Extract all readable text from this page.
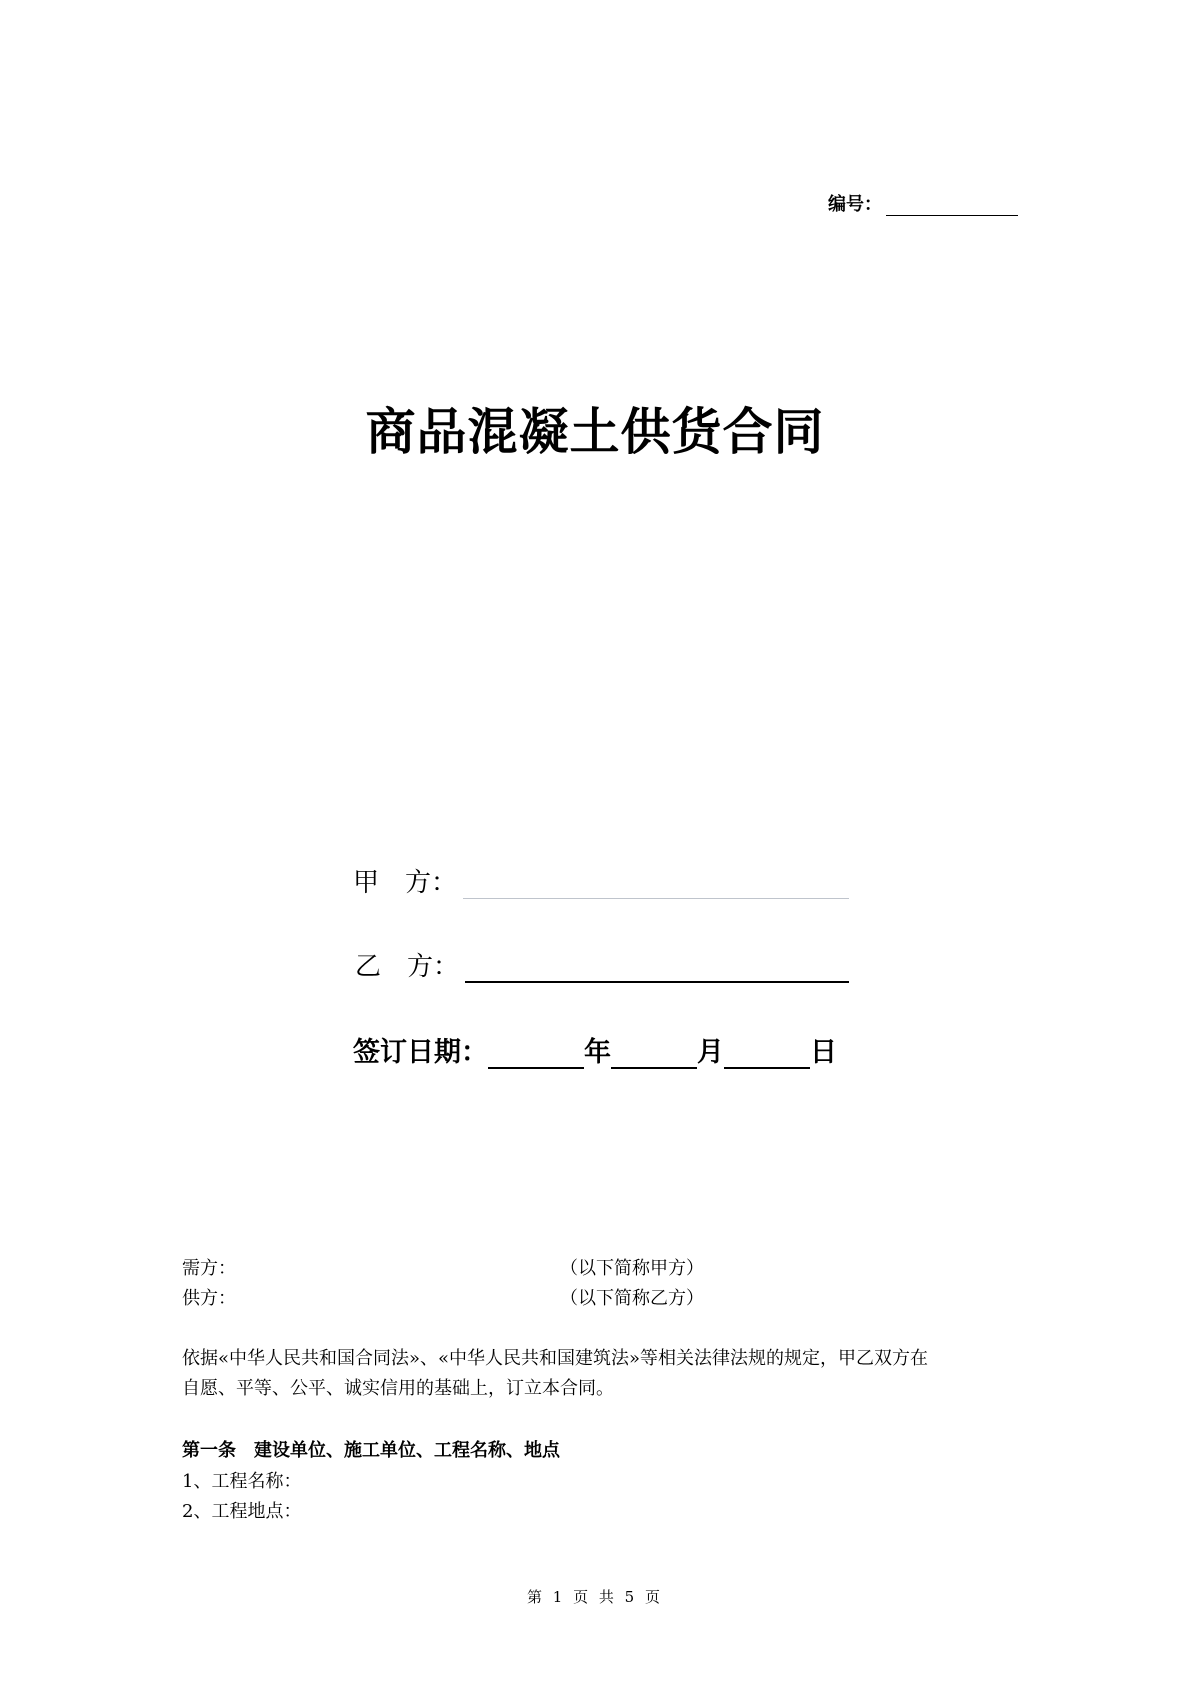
编号：
商品混凝土供货合同
甲　方：
乙　方：
签订日期：	年	月	日
需方：	（以下简称甲方）
供方：	（以下简称乙方）
依据«中华人民共和国合同法»、«中华人民共和国建筑法»等相关法律法规的规定，甲乙双方在
自愿、平等、公平、诚实信用的基础上，订立本合同。
第一条　建设单位、施工单位、工程名称、地点
1、工程名称：
2、工程地点：
第 1 页 共 5 页
